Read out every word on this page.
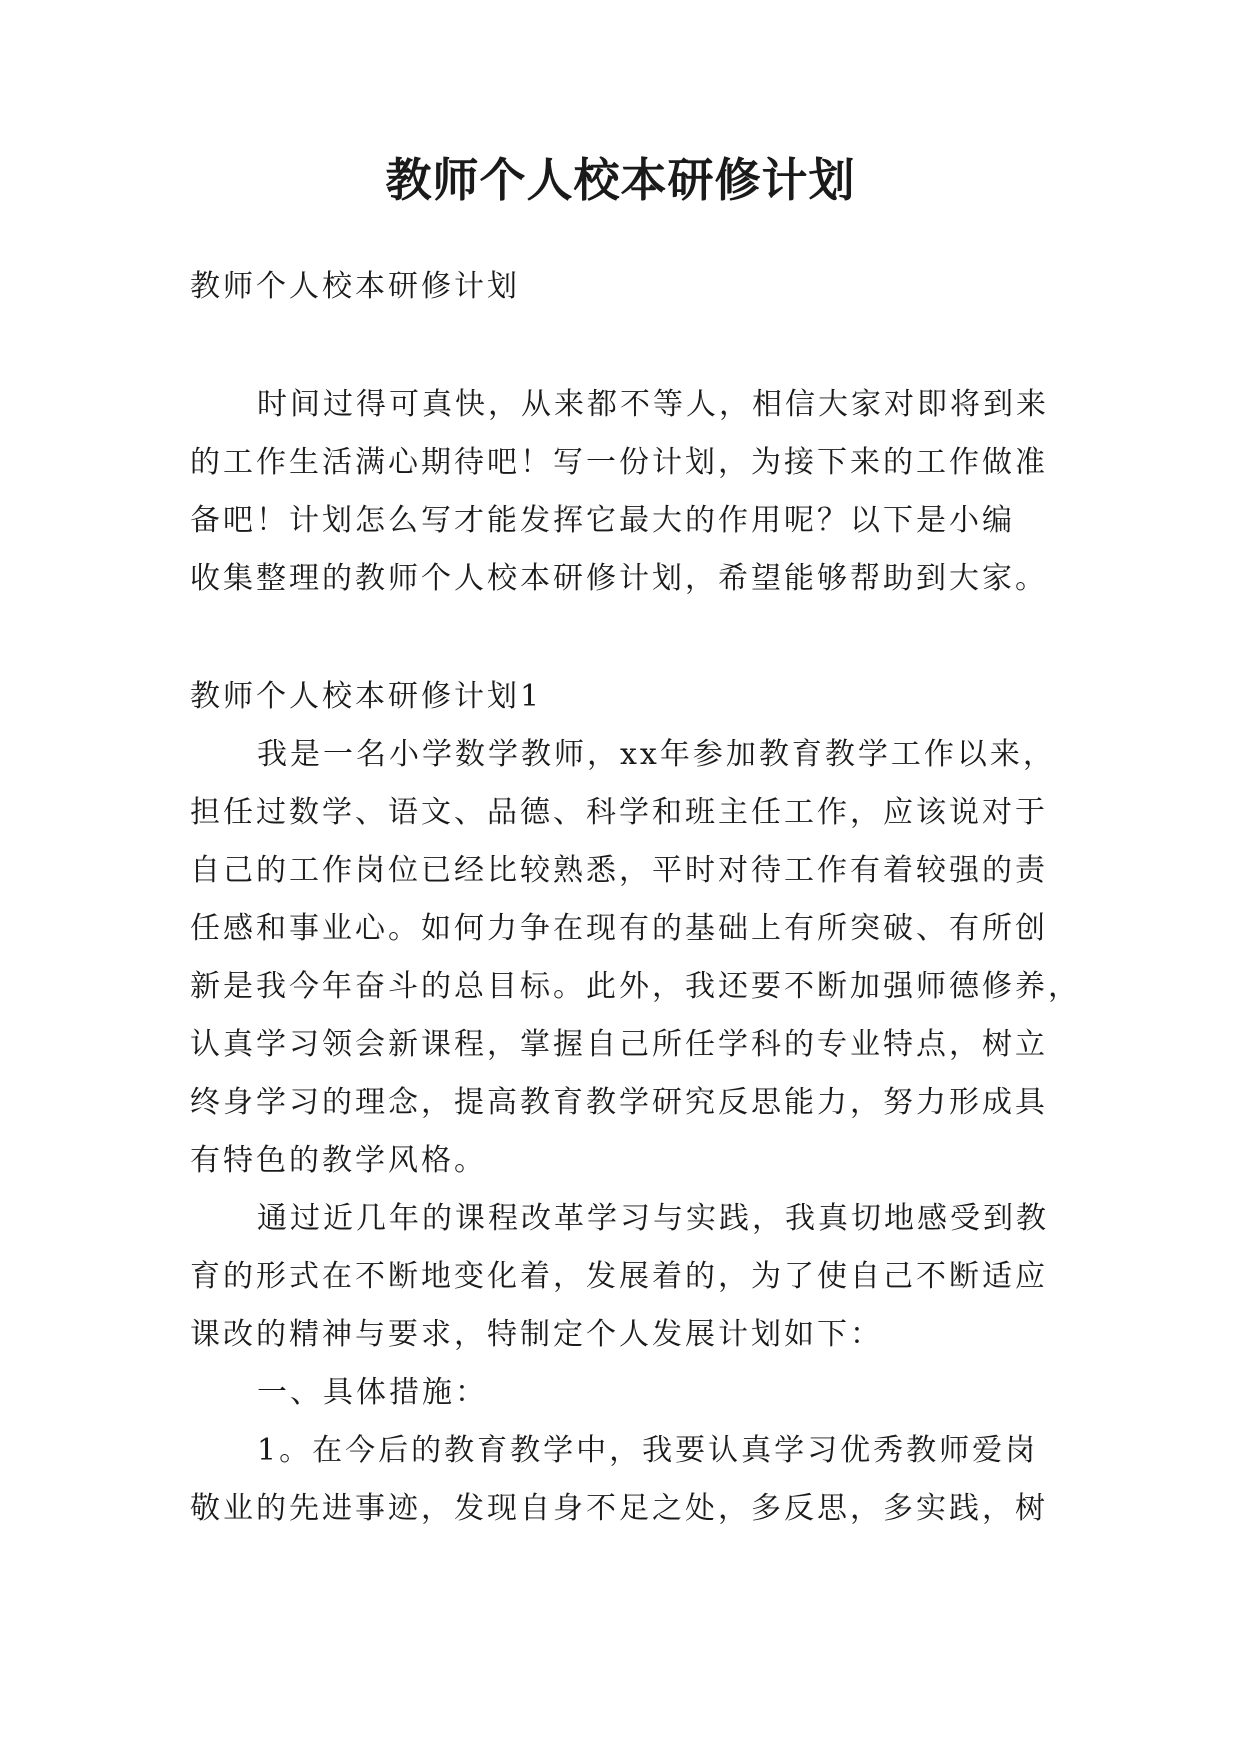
教师个人校本研修计划
教师个人校本研修计划
时间过得可真快，从来都不等人，相信大家对即将到来
的工作生活满心期待吧！写一份计划，为接下来的工作做准
备吧！计划怎么写才能发挥它最大的作用呢？以下是小编
收集整理的教师个人校本研修计划，希望能够帮助到大家。
教师个人校本研修计划1
我是一名小学数学教师，xx年参加教育教学工作以来，
担任过数学、语文、品德、科学和班主任工作，应该说对于
自己的工作岗位已经比较熟悉，平时对待工作有着较强的责
任感和事业心。如何力争在现有的基础上有所突破、有所创
新是我今年奋斗的总目标。此外，我还要不断加强师德修养，
认真学习领会新课程，掌握自己所任学科的专业特点，树立
终身学习的理念，提高教育教学研究反思能力，努力形成具
有特色的教学风格。
通过近几年的课程改革学习与实践，我真切地感受到教
育的形式在不断地变化着，发展着的，为了使自己不断适应
课改的精神与要求，特制定个人发展计划如下：
一、具体措施：
1。在今后的教育教学中，我要认真学习优秀教师爱岗
敬业的先进事迹，发现自身不足之处，多反思，多实践，树
